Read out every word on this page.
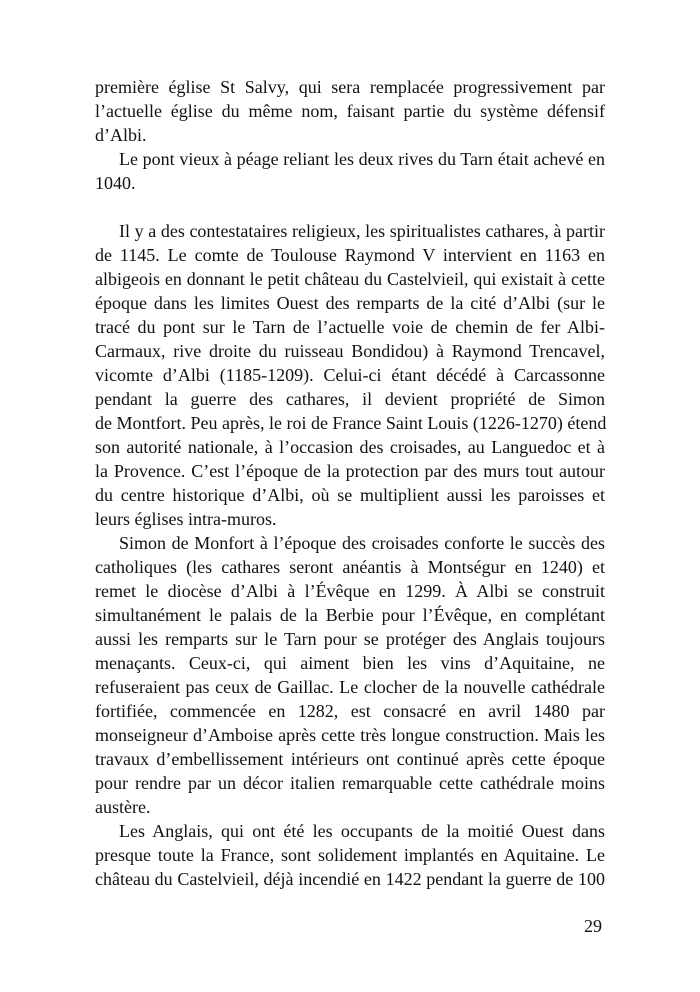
première église St Salvy, qui sera remplacée progressivement par
l’actuelle église du même nom, faisant partie du système défensif
d’Albi.

Le pont vieux à péage reliant les deux rives du Tarn était achevé en
1040.

Il y a des contestataires religieux, les spiritualistes cathares, à partir
de 1145. Le comte de Toulouse Raymond V intervient en 1163 en
albigeois en donnant le petit château du Castelvieil, qui existait à cette
époque dans les limites Ouest des remparts de la cité d’Albi (sur le
tracé du pont sur le Tarn de l’actuelle voie de chemin de fer Albi-
Carmaux, rive droite du ruisseau Bondidou) à Raymond Trencavel,
vicomte d’Albi (1185-1209). Celui-ci étant décédé à Carcassonne
pendant la guerre des cathares, il devient propriété de Simon
de Montfort. Peu après, le roi de France Saint Louis (1226-1270) étend
son autorité nationale, à l’occasion des croisades, au Languedoc et à
la Provence. C’est l’époque de la protection par des murs tout autour
du centre historique d’Albi, où se multiplient aussi les paroisses et
leurs églises intra-muros.

Simon de Monfort à l’époque des croisades conforte le succès des
catholiques (les cathares seront anéantis à Montségur en 1240) et
remet le diocèse d’Albi à l’Évêque en 1299. À Albi se construit
simultanément le palais de la Berbie pour l’Évêque, en complétant
aussi les remparts sur le Tarn pour se protéger des Anglais toujours
menaçants. Ceux-ci, qui aiment bien les vins d’Aquitaine, ne
refuseraient pas ceux de Gaillac. Le clocher de la nouvelle cathédrale
fortifiée, commencée en 1282, est consacré en avril 1480 par
monseigneur d’Amboise après cette très longue construction. Mais les
travaux d’embellissement intérieurs ont continué après cette époque
pour rendre par un décor italien remarquable cette cathédrale moins
austère.

Les Anglais, qui ont été les occupants de la moitié Ouest dans
presque toute la France, sont solidement implantés en Aquitaine. Le
château du Castelvieil, déjà incendié en 1422 pendant la guerre de 100

29
